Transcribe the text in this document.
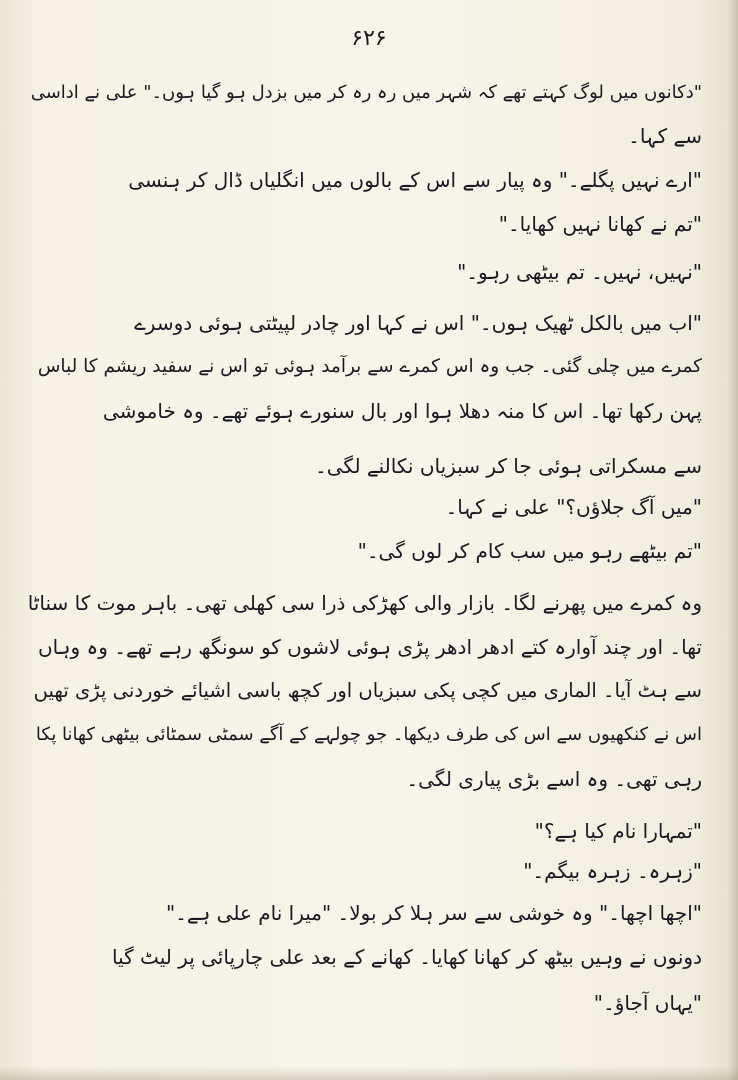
۶۲۶
"دکانوں میں لوگ کہتے تھے کہ شہر میں رہ رہ کر میں بزدل ہو گیا ہوں۔" علی نے اداسی
سے کہا۔
"ارے نہیں پگلے۔" وہ پیار سے اس کے بالوں میں انگلیاں ڈال کر ہنسی
"تم نے کھانا نہیں کھایا۔"
"نہیں، نہیں۔ تم بیٹھی رہو۔"
"اب میں بالکل ٹھیک ہوں۔" اس نے کہا اور چادر لپیٹتی ہوئی دوسرے
کمرے میں چلی گئی۔ جب وہ اس کمرے سے برآمد ہوئی تو اس نے سفید ریشم کا لباس
پہن رکھا تھا۔ اس کا منہ دھلا ہوا اور بال سنورے ہوئے تھے۔ وہ خاموشی
سے مسکراتی ہوئی جا کر سبزیاں نکالنے لگی۔
"میں آگ جلاؤں؟" علی نے کہا۔
"تم بیٹھے رہو میں سب کام کر لوں گی۔"
وہ کمرے میں پھرنے لگا۔ بازار والی کھڑکی ذرا سی کھلی تھی۔ باہر موت کا سناٹا
تھا۔ اور چند آوارہ کتے ادھر ادھر پڑی ہوئی لاشوں کو سونگھ رہے تھے۔ وہ وہاں
سے ہٹ آیا۔ الماری میں کچی پکی سبزیاں اور کچھ باسی اشیائے خوردنی پڑی تھیں
اس نے کنکھیوں سے اس کی طرف دیکھا۔ جو چولہے کے آگے سمٹی سمٹائی بیٹھی کھانا پکا
رہی تھی۔ وہ اسے بڑی پیاری لگی۔
"تمہارا نام کیا ہے؟"
"زہرہ۔ زہرہ بیگم۔"
"اچھا اچھا۔" وہ خوشی سے سر ہلا کر بولا۔ "میرا نام علی ہے۔"
دونوں نے وہیں بیٹھ کر کھانا کھایا۔ کھانے کے بعد علی چارپائی پر لیٹ گیا
"یہاں آجاؤ۔"
